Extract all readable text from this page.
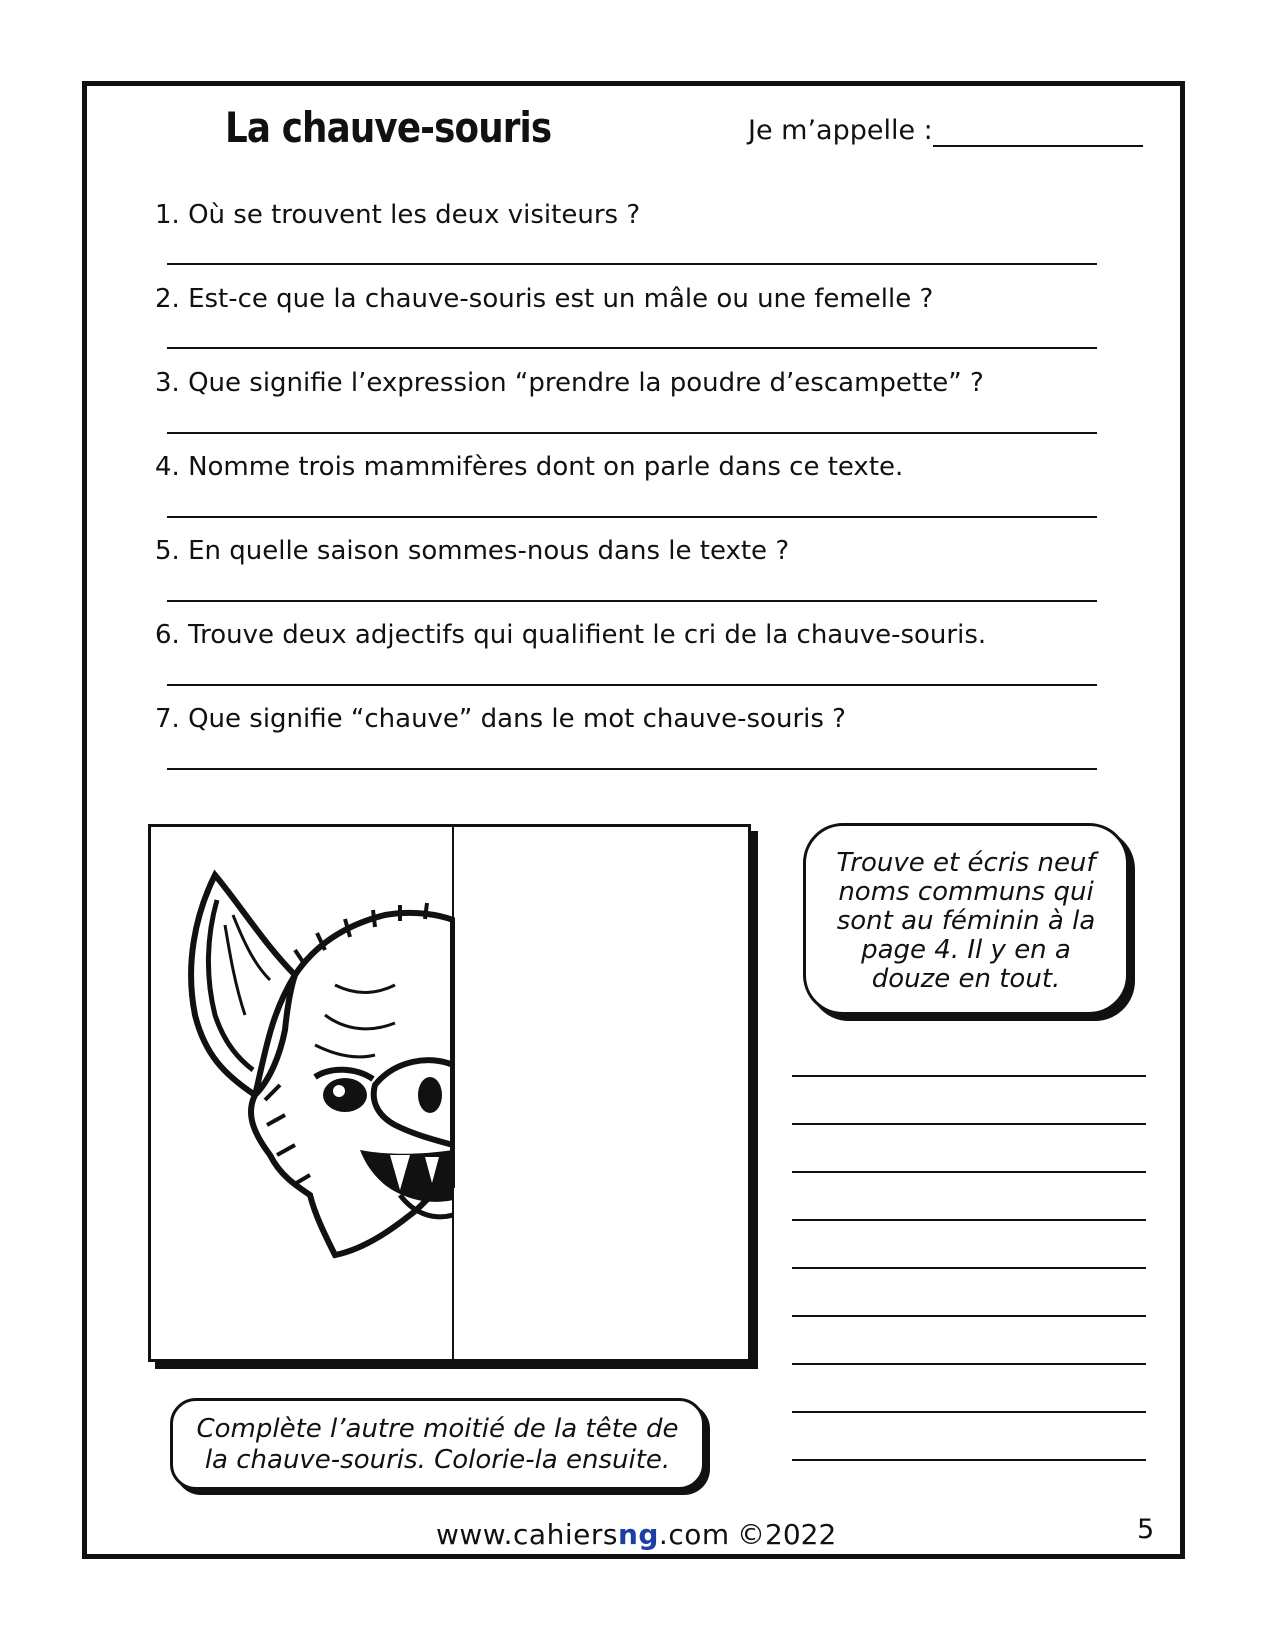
La chauve-souris	Je m’appelle :
1. Où se trouvent les deux visiteurs ?
2. Est-ce que la chauve-souris est un mâle ou une femelle ?
3. Que signifie l’expression “prendre la poudre d’escampette” ?
4. Nomme trois mammifères dont on parle dans ce texte.
5. En quelle saison sommes-nous dans le texte ?
6. Trouve deux adjectifs qui qualifient le cri de la chauve-souris.
7. Que signifie “chauve” dans le mot chauve-souris ?
Trouve et écris neuf
noms communs qui
sont au féminin à la
page 4. Il y en a
douze en tout.
Complète l’autre moitié de la tête de
la chauve-souris. Colorie-la ensuite.
www.cahiersng.com ©2022	5
